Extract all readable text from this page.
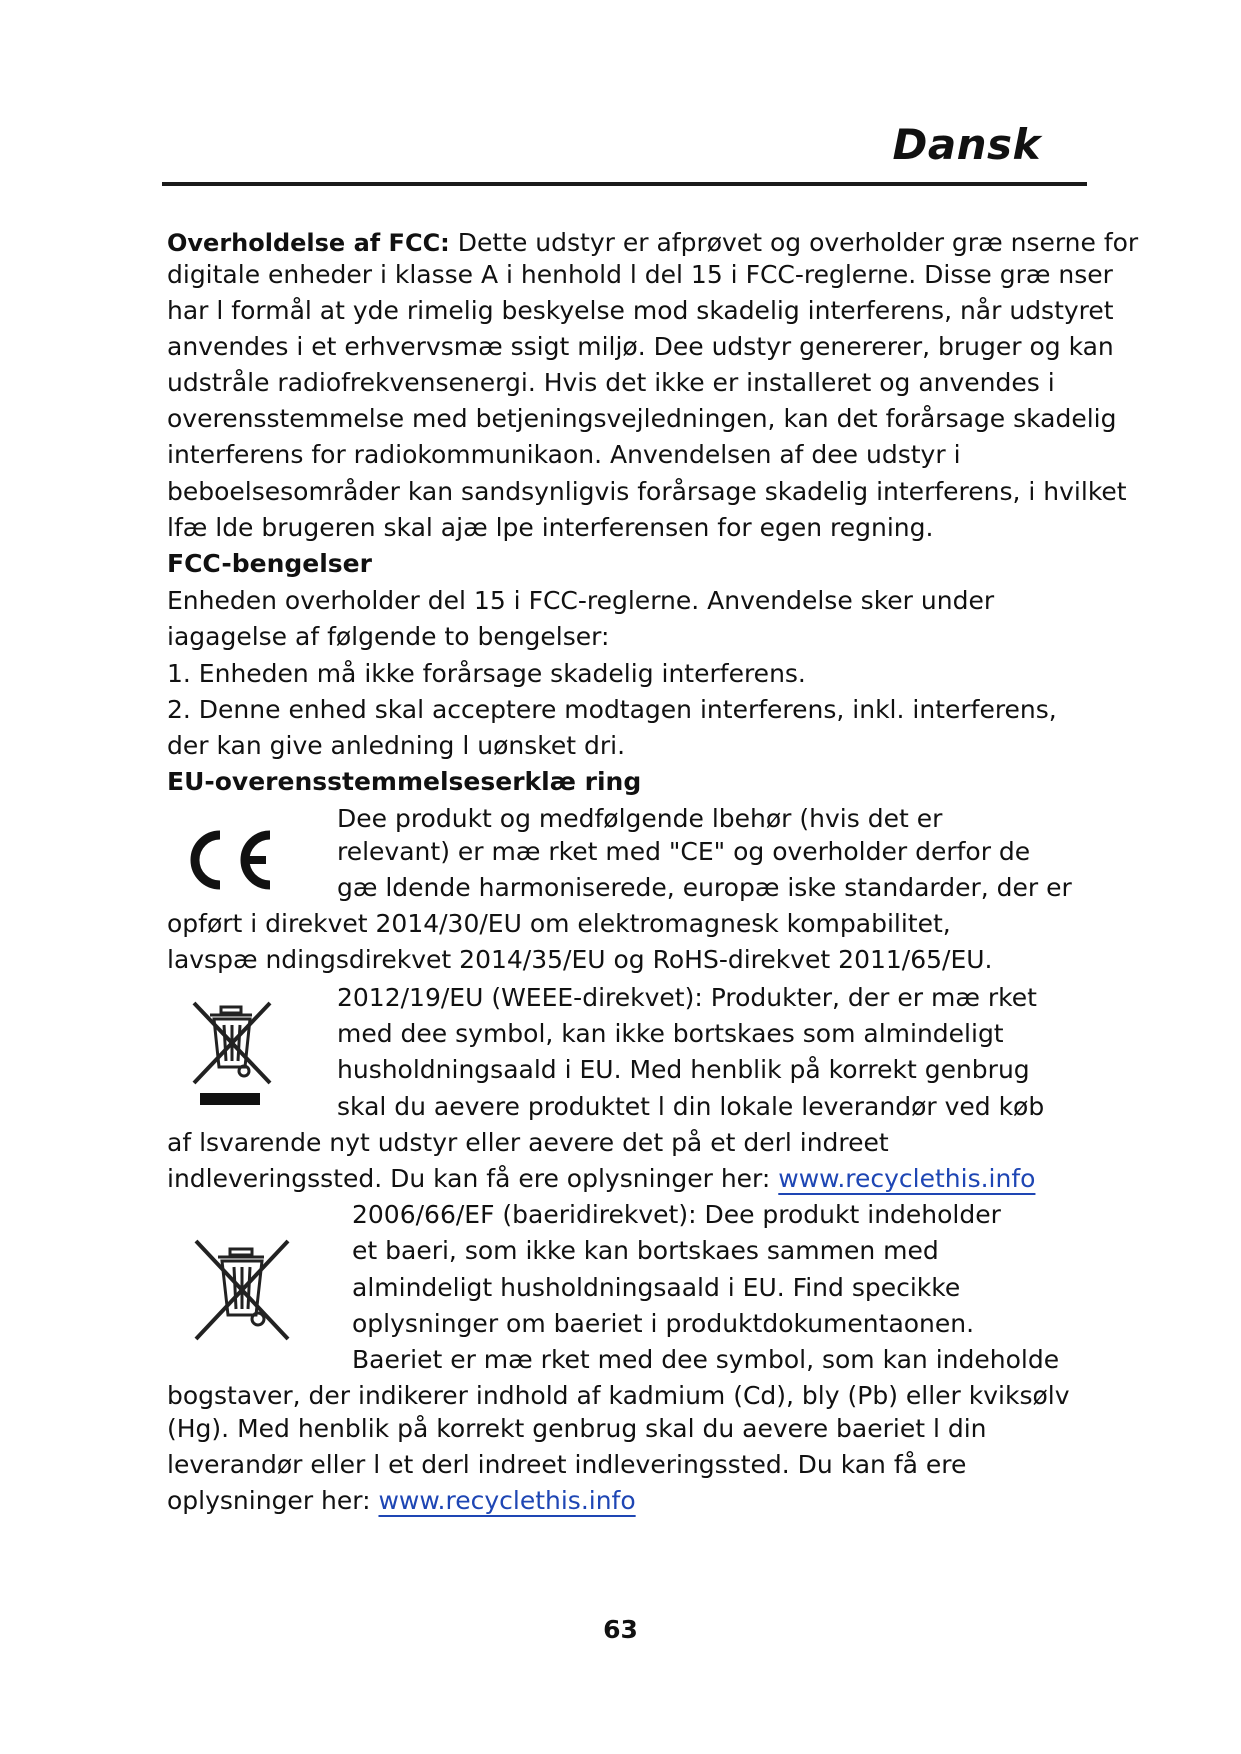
Dansk
Overholdelse af FCC: Dette udstyr er afprøvet og overholder græ nserne for
digitale enheder i klasse A i henhold l del 15 i FCC-reglerne. Disse græ nser
har l formål at yde rimelig beskyelse mod skadelig interferens, når udstyret
anvendes i et erhvervsmæ ssigt miljø. Dee udstyr genererer, bruger og kan
udstråle radiofrekvensenergi. Hvis det ikke er installeret og anvendes i
overensstemmelse med betjeningsvejledningen, kan det forårsage skadelig
interferens for radiokommunikaon. Anvendelsen af dee udstyr i
beboelsesområder kan sandsynligvis forårsage skadelig interferens, i hvilket
lfæ lde brugeren skal ajæ lpe interferensen for egen regning.
FCC-bengelser
Enheden overholder del 15 i FCC-reglerne. Anvendelse sker under
iagagelse af følgende to bengelser:
1. Enheden må ikke forårsage skadelig interferens.
2. Denne enhed skal acceptere modtagen interferens, inkl. interferens,
der kan give anledning l uønsket dri.
EU-overensstemmelseserklæ ring
Dee produkt og medfølgende lbehør (hvis det er
relevant) er mæ rket med "CE" og overholder derfor de
gæ ldende harmoniserede, europæ iske standarder, der er
opført i direkvet 2014/30/EU om elektromagnesk kompabilitet,
lavspæ ndingsdirekvet 2014/35/EU og RoHS-direkvet 2011/65/EU.
2012/19/EU (WEEE-direkvet): Produkter, der er mæ rket
med dee symbol, kan ikke bortskaes som almindeligt
husholdningsaald i EU. Med henblik på korrekt genbrug
skal du aevere produktet l din lokale leverandør ved køb
af lsvarende nyt udstyr eller aevere det på et derl indreet
indleveringssted. Du kan få ere oplysninger her: www.recyclethis.info
2006/66/EF (baeridirekvet): Dee produkt indeholder
et baeri, som ikke kan bortskaes sammen med
almindeligt husholdningsaald i EU. Find specikke
oplysninger om baeriet i produktdokumentaonen.
Baeriet er mæ rket med dee symbol, som kan indeholde
bogstaver, der indikerer indhold af kadmium (Cd), bly (Pb) eller kviksølv
(Hg). Med henblik på korrekt genbrug skal du aevere baeriet l din
leverandør eller l et derl indreet indleveringssted. Du kan få ere
oplysninger her: www.recyclethis.info
63
